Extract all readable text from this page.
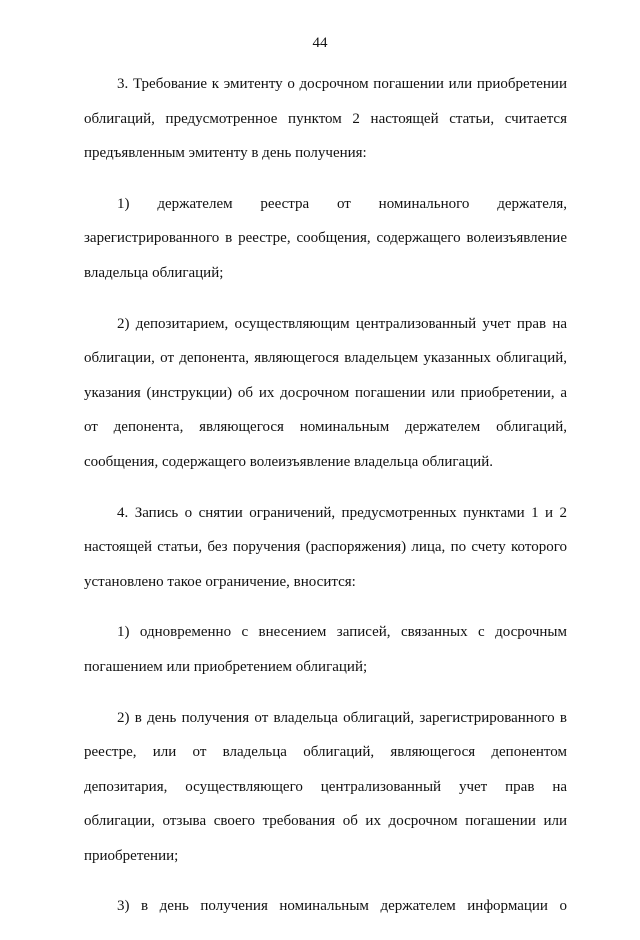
44

3. Требование к эмитенту о досрочном погашении или приобретении облигаций, предусмотренное пунктом 2 настоящей статьи, считается предъявленным эмитенту в день получения:

1) держателем реестра от номинального держателя, зарегистрированного в реестре, сообщения, содержащего волеизъявление владельца облигаций;

2) депозитарием, осуществляющим централизованный учет прав на облигации, от депонента, являющегося владельцем указанных облигаций, указания (инструкции) об их досрочном погашении или приобретении, а от депонента, являющегося номинальным держателем облигаций, сообщения, содержащего волеизъявление владельца облигаций.

4. Запись о снятии ограничений, предусмотренных пунктами 1 и 2 настоящей статьи, без поручения (распоряжения) лица, по счету которого установлено такое ограничение, вносится:

1) одновременно с внесением записей, связанных с досрочным погашением или приобретением облигаций;

2) в день получения от владельца облигаций, зарегистрированного в реестре, или от владельца облигаций, являющегося депонентом депозитария, осуществляющего централизованный учет прав на облигации, отзыва своего требования об их досрочном погашении или приобретении;

3) в день получения номинальным держателем информации о
